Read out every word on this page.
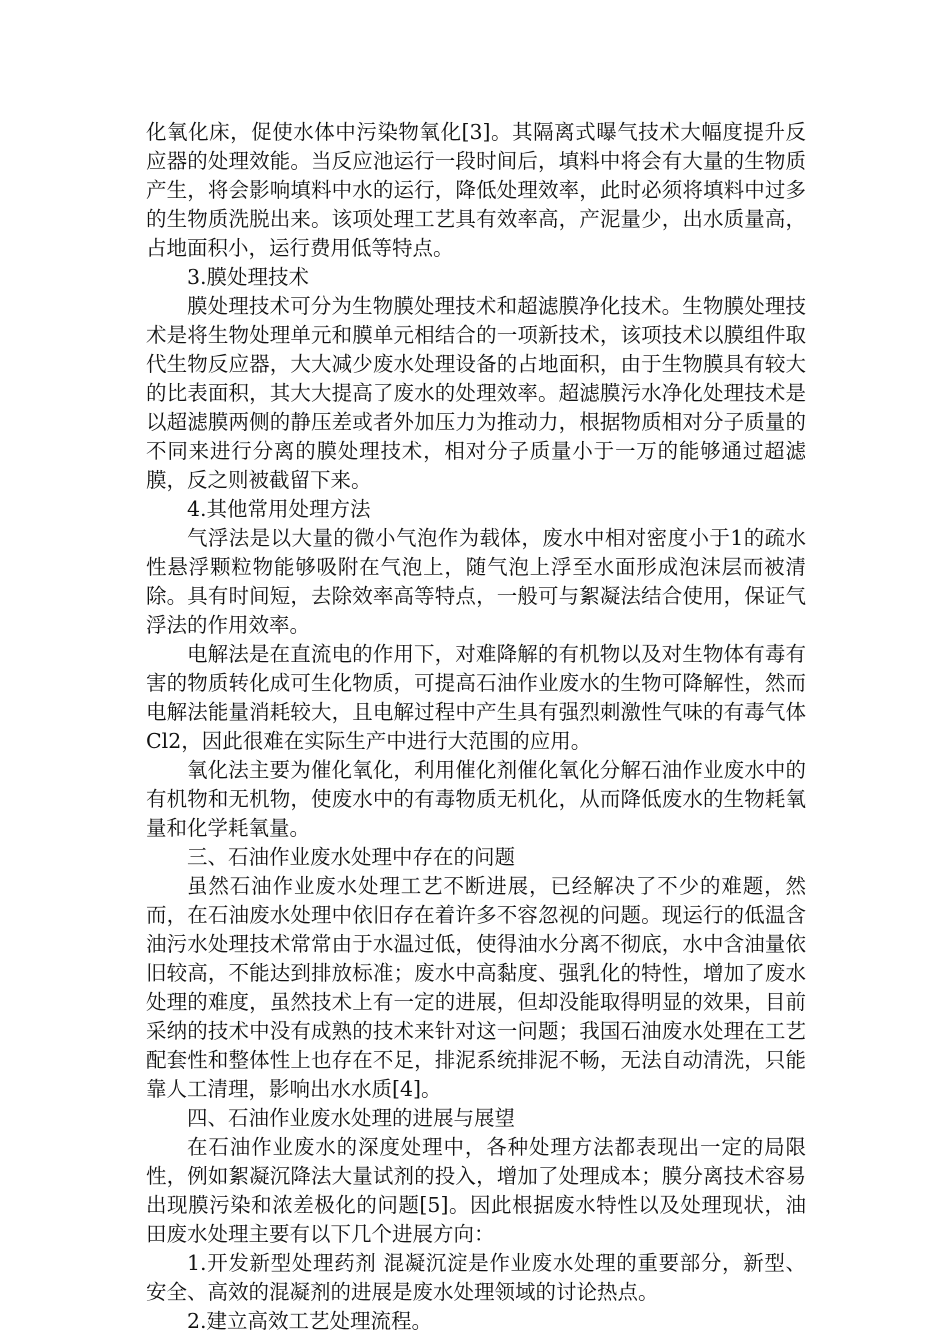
化氧化床，促使水体中污染物氧化[3]。其隔离式曝气技术大幅度提升反应器的处理效能。当反应池运行一段时间后，填料中将会有大量的生物质产生，将会影响填料中水的运行，降低处理效率，此时必须将填料中过多的生物质洗脱出来。该项处理工艺具有效率高，产泥量少，出水质量高，占地面积小，运行费用低等特点。

3.膜处理技术

膜处理技术可分为生物膜处理技术和超滤膜净化技术。生物膜处理技术是将生物处理单元和膜单元相结合的一项新技术，该项技术以膜组件取代生物反应器，大大减少废水处理设备的占地面积，由于生物膜具有较大的比表面积，其大大提高了废水的处理效率。超滤膜污水净化处理技术是以超滤膜两侧的静压差或者外加压力为推动力，根据物质相对分子质量的不同来进行分离的膜处理技术，相对分子质量小于一万的能够通过超滤膜，反之则被截留下来。

4.其他常用处理方法

气浮法是以大量的微小气泡作为载体，废水中相对密度小于1的疏水性悬浮颗粒物能够吸附在气泡上，随气泡上浮至水面形成泡沫层而被清除。具有时间短，去除效率高等特点，一般可与絮凝法结合使用，保证气浮法的作用效率。

电解法是在直流电的作用下，对难降解的有机物以及对生物体有毒有害的物质转化成可生化物质，可提高石油作业废水的生物可降解性，然而电解法能量消耗较大，且电解过程中产生具有强烈刺激性气味的有毒气体Cl2，因此很难在实际生产中进行大范围的应用。

氧化法主要为催化氧化，利用催化剂催化氧化分解石油作业废水中的有机物和无机物，使废水中的有毒物质无机化，从而降低废水的生物耗氧量和化学耗氧量。

三、石油作业废水处理中存在的问题

虽然石油作业废水处理工艺不断进展，已经解决了不少的难题，然而，在石油废水处理中依旧存在着许多不容忽视的问题。现运行的低温含油污水处理技术常常由于水温过低，使得油水分离不彻底，水中含油量依旧较高，不能达到排放标准；废水中高黏度、强乳化的特性，增加了废水处理的难度，虽然技术上有一定的进展，但却没能取得明显的效果，目前采纳的技术中没有成熟的技术来针对这一问题；我国石油废水处理在工艺配套性和整体性上也存在不足，排泥系统排泥不畅，无法自动清洗，只能靠人工清理，影响出水水质[4]。

四、石油作业废水处理的进展与展望

在石油作业废水的深度处理中，各种处理方法都表现出一定的局限性，例如絮凝沉降法大量试剂的投入，增加了处理成本；膜分离技术容易出现膜污染和浓差极化的问题[5]。因此根据废水特性以及处理现状，油田废水处理主要有以下几个进展方向：

1.开发新型处理药剂 混凝沉淀是作业废水处理的重要部分，新型、安全、高效的混凝剂的进展是废水处理领域的讨论热点。

2.建立高效工艺处理流程。
